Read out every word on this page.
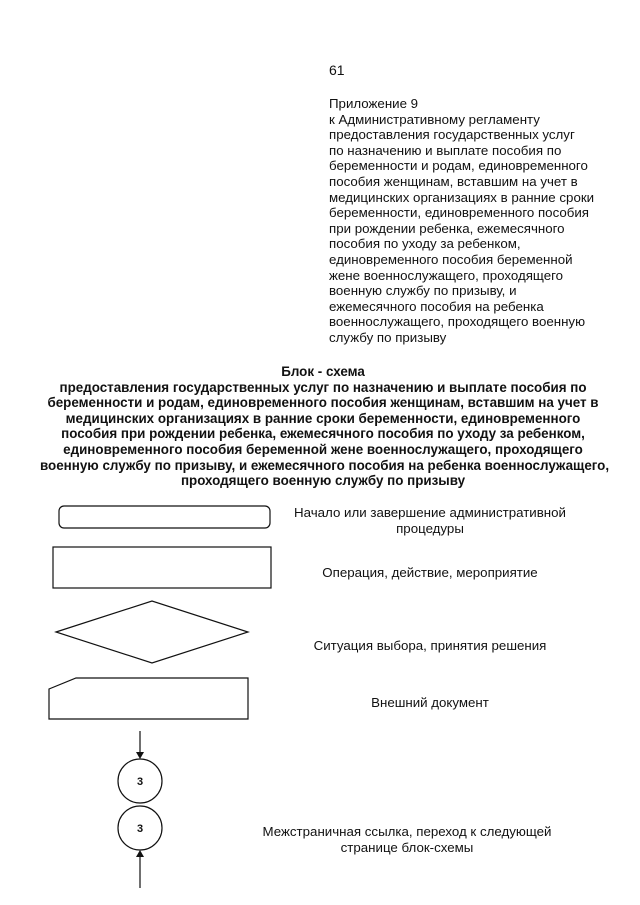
61
Приложение 9
к Административному регламенту
предоставления государственных услуг
по назначению и выплате пособия по
беременности и родам, единовременного
пособия женщинам, вставшим на учет в
медицинских организациях в ранние сроки
беременности, единовременного пособия
при рождении ребенка, ежемесячного
пособия по уходу за ребенком,
единовременного пособия беременной
жене военнослужащего, проходящего
военную службу по призыву, и
ежемесячного пособия на ребенка
военнослужащего, проходящего военную
службу по призыву
Блок - схема
предоставления государственных услуг по назначению и выплате пособия по
беременности и родам, единовременного пособия женщинам, вставшим на учет в
медицинских организациях в ранние сроки беременности, единовременного
пособия при рождении ребенка, ежемесячного пособия по уходу за ребенком,
единовременного пособия беременной жене военнослужащего, проходящего
военную службу по призыву, и ежемесячного пособия на ребенка военнослужащего,
проходящего военную службу по призыву
3
3
Начало или завершение административной
процедуры
Операция, действие, мероприятие
Ситуация выбора, принятия решения
Внешний документ
Межстраничная ссылка, переход к следующей
странице блок-схемы
